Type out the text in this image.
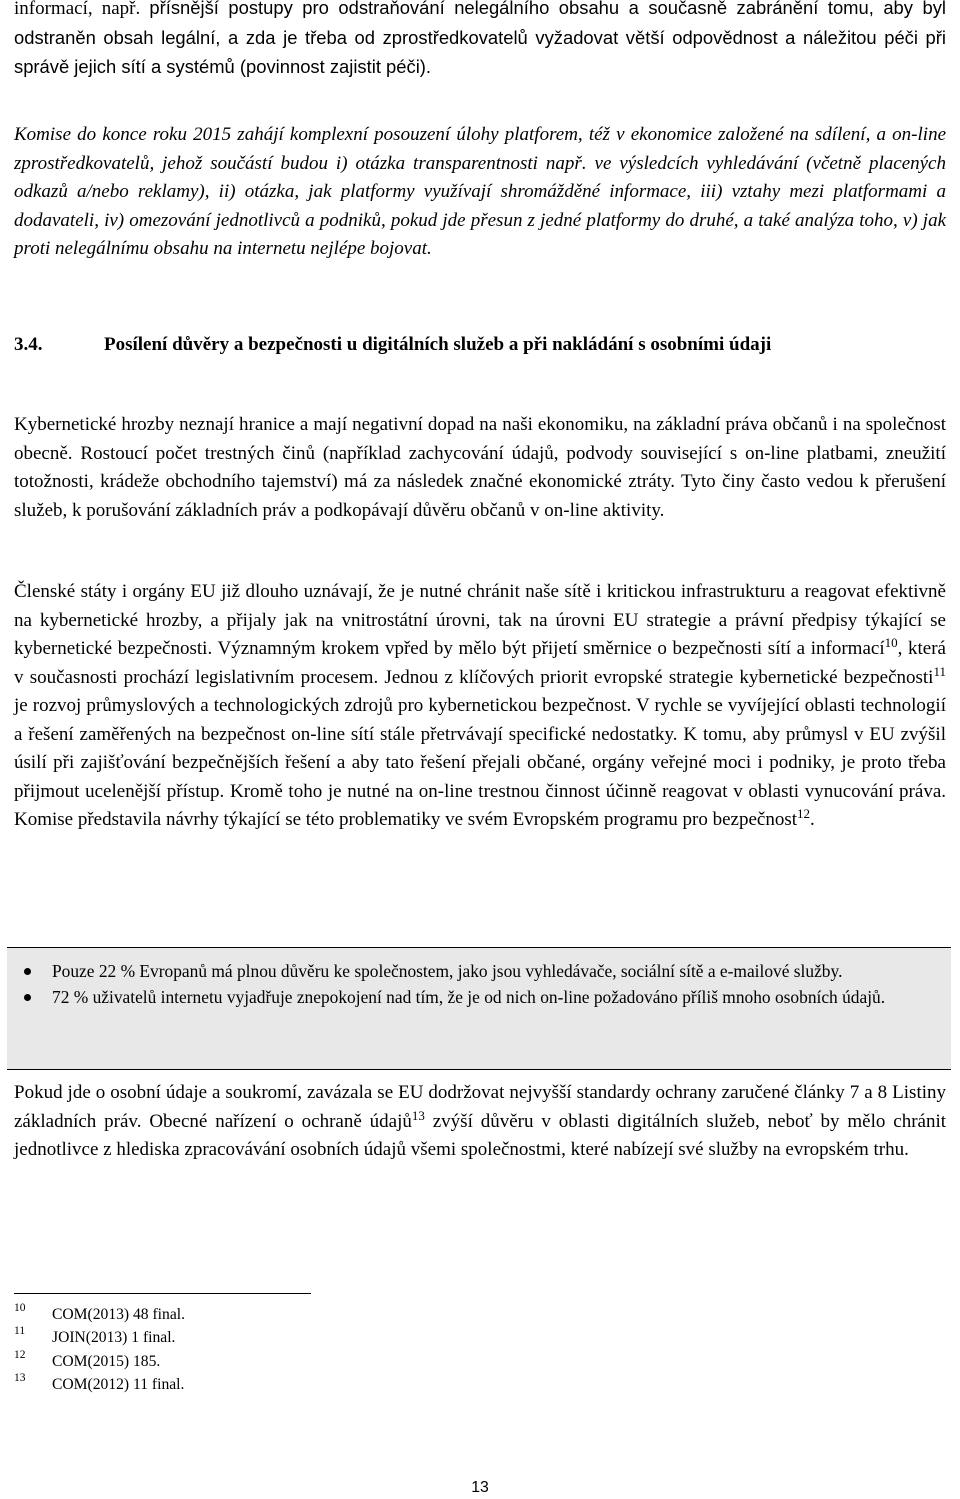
informací, např. přísnější postupy pro odstraňování nelegálního obsahu a současně zabránění tomu, aby byl odstraněn obsah legální, a zda je třeba od zprostředkovatelů vyžadovat větší odpovědnost a náležitou péči při správě jejich sítí a systémů (povinnost zajistit péči).

Komise do konce roku 2015 zahájí komplexní posouzení úlohy platforem, též v ekonomice založené na sdílení, a on-line zprostředkovatelů, jehož součástí budou i) otázka transparentnosti např. ve výsledcích vyhledávání (včetně placených odkazů a/nebo reklamy), ii) otázka, jak platformy využívají shromážděné informace, iii) vztahy mezi platformami a dodavateli, iv) omezování jednotlivců a podniků, pokud jde přesun z jedné platformy do druhé, a také analýza toho, v) jak proti nelegálnímu obsahu na internetu nejlépe bojovat.

3.4.	Posílení důvěry a bezpečnosti u digitálních služeb a při nakládání s osobními údaji

Kybernetické hrozby neznají hranice a mají negativní dopad na naši ekonomiku, na základní práva občanů i na společnost obecně. Rostoucí počet trestných činů (například zachycování údajů, podvody související s on-line platbami, zneužití totožnosti, krádeže obchodního tajemství) má za následek značné ekonomické ztráty. Tyto činy často vedou k přerušení služeb, k porušování základních práv a podkopávají důvěru občanů v on-line aktivity.

Členské státy i orgány EU již dlouho uznávají, že je nutné chránit naše sítě i kritickou infrastrukturu a reagovat efektivně na kybernetické hrozby, a přijaly jak na vnitrostátní úrovni, tak na úrovni EU strategie a právní předpisy týkající se kybernetické bezpečnosti. Významným krokem vpřed by mělo být přijetí směrnice o bezpečnosti sítí a informací$^{10}$, která v současnosti prochází legislativním procesem. Jednou z klíčových priorit evropské strategie kybernetické bezpečnosti$^{11}$ je rozvoj průmyslových a technologických zdrojů pro kybernetickou bezpečnost. V rychle se vyvíjející oblasti technologií a řešení zaměřených na bezpečnost on-line sítí stále přetrvávají specifické nedostatky. K tomu, aby průmysl v EU zvýšil úsilí při zajišťování bezpečnějších řešení a aby tato řešení přejali občané, orgány veřejné moci i podniky, je proto třeba přijmout ucelenější přístup. Kromě toho je nutné na on-line trestnou činnost účinně reagovat v oblasti vynucování práva. Komise představila návrhy týkající se této problematiky ve svém Evropském programu pro bezpečnost$^{12}$.

Pouze 22 % Evropanů má plnou důvěru ke společnostem, jako jsou vyhledávače, sociální sítě a e-mailové služby.
72 % uživatelů internetu vyjadřuje znepokojení nad tím, že je od nich on-line požadováno příliš mnoho osobních údajů.

Pokud jde o osobní údaje a soukromí, zavázala se EU dodržovat nejvyšší standardy ochrany zaručené články 7 a 8 Listiny základních práv. Obecné nařízení o ochraně údajů$^{13}$ zvýší důvěru v oblasti digitálních služeb, neboť by mělo chránit jednotlivce z hlediska zpracovávání osobních údajů všemi společnostmi, které nabízejí své služby na evropském trhu.

10 COM(2013) 48 final.
11 JOIN(2013) 1 final.
12 COM(2015) 185.
13 COM(2012) 11 final.
13
